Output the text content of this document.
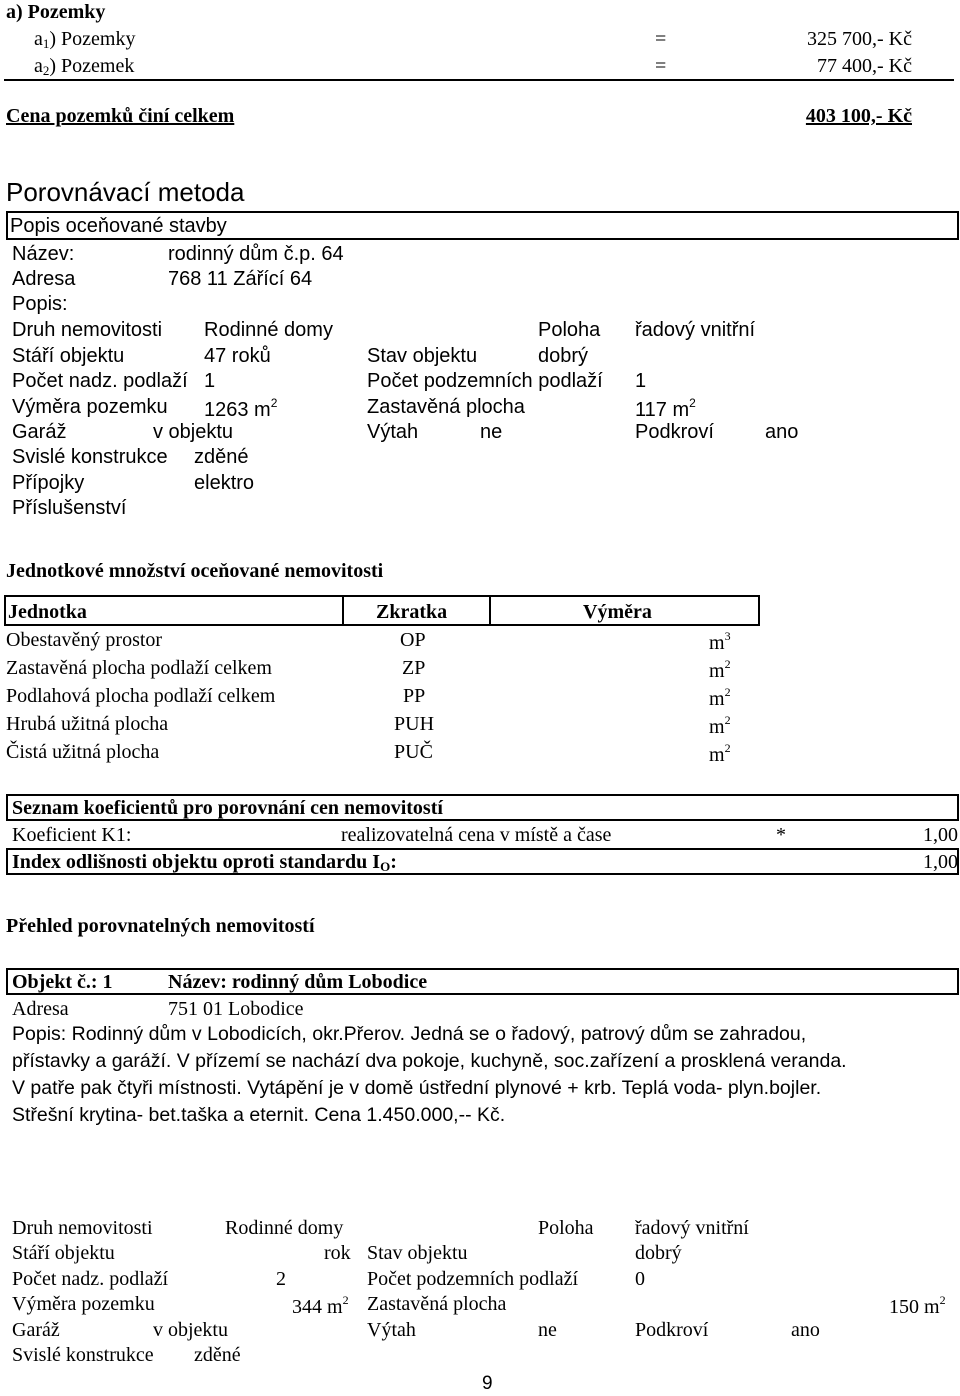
a) Pozemky
$a_1$) Pozemky	=	325 700,- Kč
$a_2$) Pozemek	=	77 400,- Kč
Cena pozemků činí celkem	403 100,- Kč
Porovnávací metoda
Popis oceňované stavby
Název:	rodinný dům č.p. 64
Adresa	768 11 Zářící 64
Popis:
Druh nemovitosti Rodinné domy	Poloha řadový vnitřní
Stáří objektu	47 roků	Stav objektu	dobrý
Počet nadz. podlaží 1	Počet podzemních podlaží 1
Výměra pozemku 1263 $m^2$	Zastavěná plocha	117 $m^2$
Garáž	v objektu	Výtah	ne	Podkroví	ano
Svislé konstrukce zděné
Přípojky	elektro
Příslušenství
Jednotkové množství oceňované nemovitosti
Jednotka	Zkratka	Výměra
Obestavěný prostor	OP	$m^3$
Zastavěná plocha podlaží celkem	ZP	$m^2$
Podlahová plocha podlaží celkem	PP	$m^2$
Hrubá užitná plocha	PUH	$m^2$
Čistá užitná plocha	PUČ	$m^2$
Seznam koeficientů pro porovnání cen nemovitostí
Koeficient K1:	realizovatelná cena v místě a čase	*	1,00
Index odlišnosti objektu oproti standardu $I_O$:	1,00
Přehled porovnatelných nemovitostí
Objekt č.: 1	Název: rodinný dům Lobodice
Adresa	751 01 Lobodice
Popis: Rodinný dům v Lobodicích, okr.Přerov. Jedná se o řadový, patrový dům se zahradou,
přístavky a garáží. V přízemí se nachází dva pokoje, kuchyně, soc.zařízení a prosklená veranda.
V patře pak čtyři místnosti. Vytápění je v domě ústřední plynové + krb. Teplá voda- plyn.bojler.
Střešní krytina- bet.taška a eternit. Cena 1.450.000,-- Kč.
Druh nemovitosti	Rodinné domy	Poloha řadový vnitřní
Stáří objektu	rok Stav objektu	dobrý
Počet nadz. podlaží	2	Počet podzemních podlaží	0
Výměra pozemku	344 $m^2$ Zastavěná plocha	150 $m^2$
Garáž	v objektu	Výtah	ne	Podkroví	ano
Svislé konstrukce zděné
9
